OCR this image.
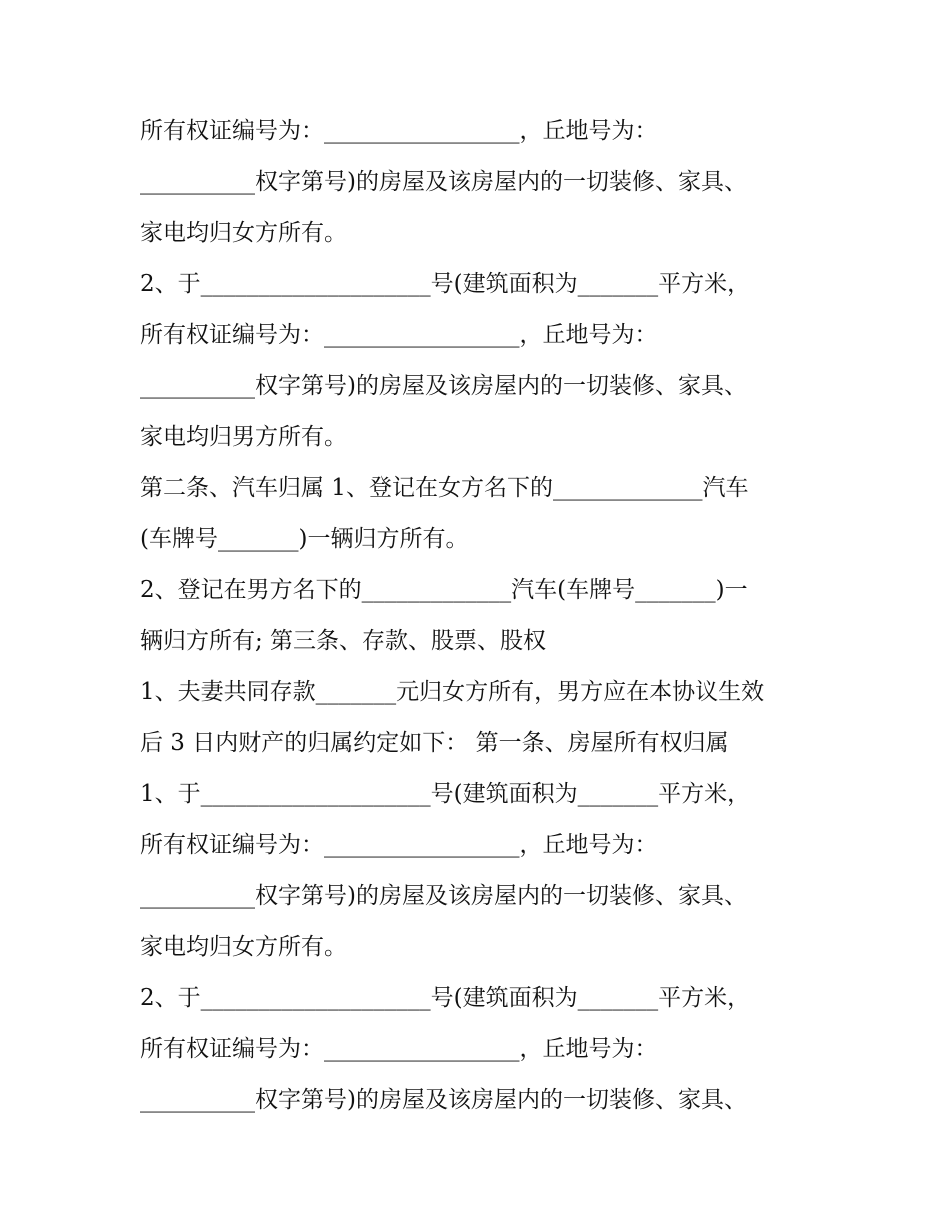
所有权证编号为：_________________，丘地号为：
__________权字第号)的房屋及该房屋内的一切装修、家具、
家电均归女方所有。
2、于____________________号(建筑面积为_______平方米，
所有权证编号为：_________________，丘地号为：
__________权字第号)的房屋及该房屋内的一切装修、家具、
家电均归男方所有。
第二条、汽车归属 1、登记在女方名下的_____________汽车
(车牌号_______)一辆归方所有。
2、登记在男方名下的_____________汽车(车牌号_______)一
辆归方所有; 第三条、存款、股票、股权
1、夫妻共同存款_______元归女方所有，男方应在本协议生效
后 3 日内财产的归属约定如下： 第一条、房屋所有权归属
1、于____________________号(建筑面积为_______平方米，
所有权证编号为：_________________，丘地号为：
__________权字第号)的房屋及该房屋内的一切装修、家具、
家电均归女方所有。
2、于____________________号(建筑面积为_______平方米，
所有权证编号为：_________________，丘地号为：
__________权字第号)的房屋及该房屋内的一切装修、家具、
